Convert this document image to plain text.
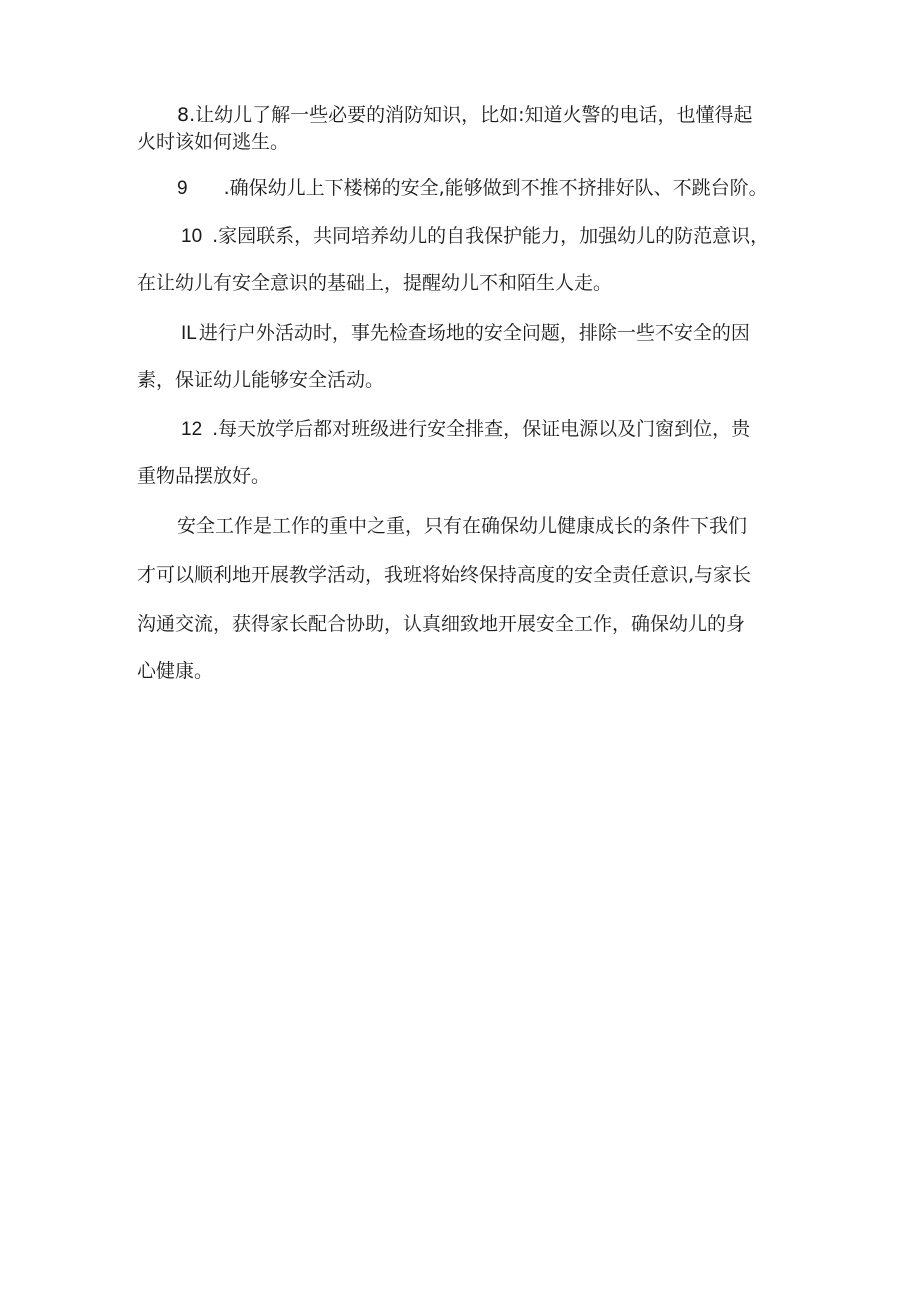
8.让幼儿了解一些必要的消防知识，比如:知道火警的电话，也懂得起
火时该如何逃生。
9 .确保幼儿上下楼梯的安全,能够做到不推不挤排好队、不跳台阶。
10 .家园联系，共同培养幼儿的自我保护能力，加强幼儿的防范意识，
在让幼儿有安全意识的基础上，提醒幼儿不和陌生人走。
IL 进行户外活动时，事先检查场地的安全问题，排除一些不安全的因
素，保证幼儿能够安全活动。
12 .每天放学后都对班级进行安全排查，保证电源以及门窗到位，贵
重物品摆放好。
安全工作是工作的重中之重，只有在确保幼儿健康成长的条件下我们
才可以顺利地开展教学活动，我班将始终保持高度的安全责任意识,与家长
沟通交流，获得家长配合协助，认真细致地开展安全工作，确保幼儿的身
心健康。
